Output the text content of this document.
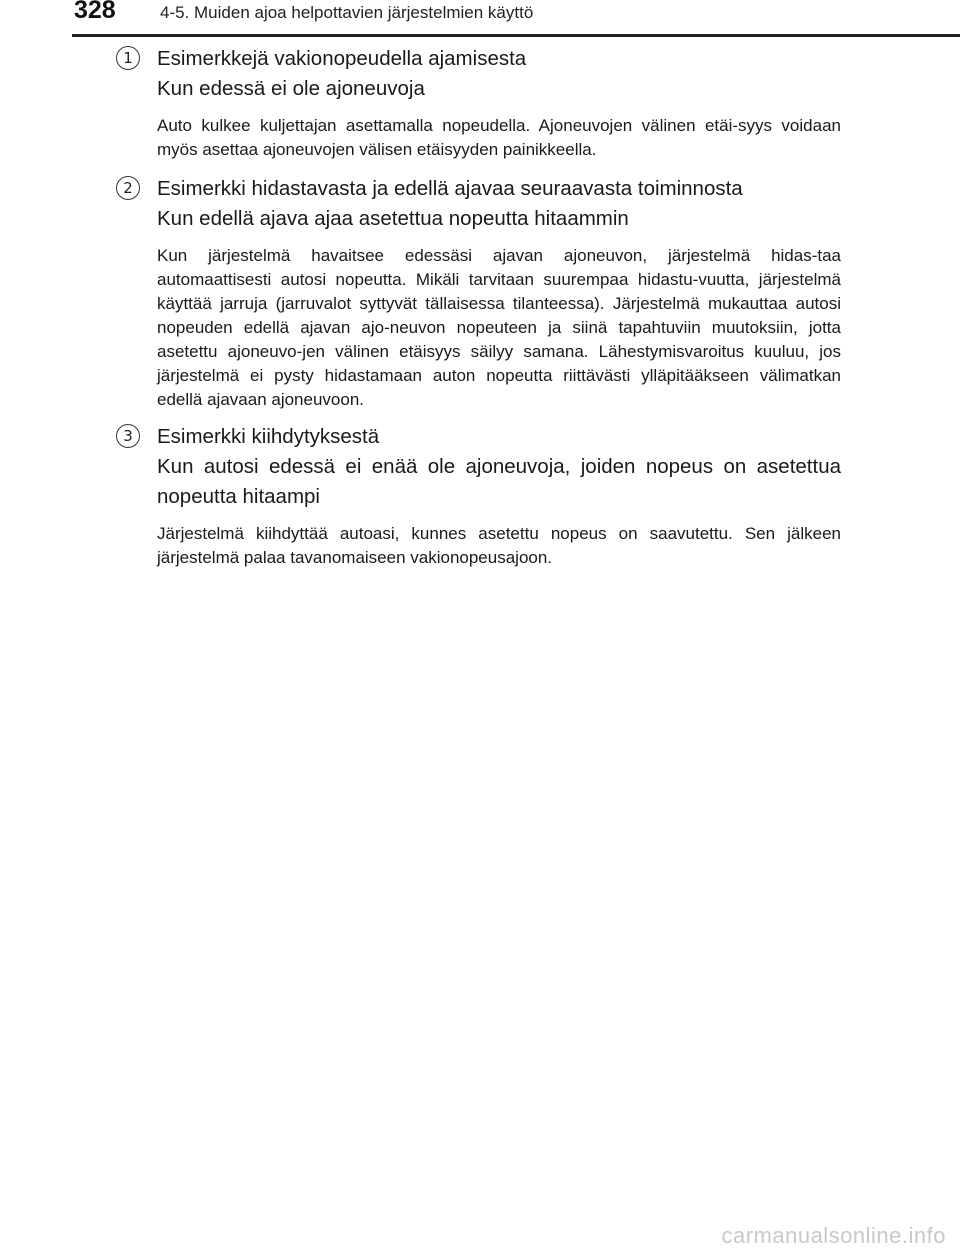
328	4-5. Muiden ajoa helpottavien järjestelmien käyttö
1	Esimerkkejä vakionopeudella ajamisesta

Kun edessä ei ole ajoneuvoja

Auto kulkee kuljettajan asettamalla nopeudella. Ajoneuvojen välinen etäi-syys voidaan myös asettaa ajoneuvojen välisen etäisyyden painikkeella.

2	Esimerkki hidastavasta ja edellä ajavaa seuraavasta toiminnosta

Kun edellä ajava ajaa asetettua nopeutta hitaammin

Kun järjestelmä havaitsee edessäsi ajavan ajoneuvon, järjestelmä hidas-taa automaattisesti autosi nopeutta. Mikäli tarvitaan suurempaa hidastu-vuutta, järjestelmä käyttää jarruja (jarruvalot syttyvät tällaisessa tilanteessa). Järjestelmä mukauttaa autosi nopeuden edellä ajavan ajo-neuvon nopeuteen ja siinä tapahtuviin muutoksiin, jotta asetettu ajoneuvo-jen välinen etäisyys säilyy samana. Lähestymisvaroitus kuuluu, jos järjestelmä ei pysty hidastamaan auton nopeutta riittävästi ylläpitääkseen välimatkan edellä ajavaan ajoneuvoon.

3	Esimerkki kiihdytyksestä

Kun autosi edessä ei enää ole ajoneuvoja, joiden nopeus on asetettua nopeutta hitaampi

Järjestelmä kiihdyttää autoasi, kunnes asetettu nopeus on saavutettu. Sen jälkeen järjestelmä palaa tavanomaiseen vakionopeusajoon.

carmanualsonline.info
